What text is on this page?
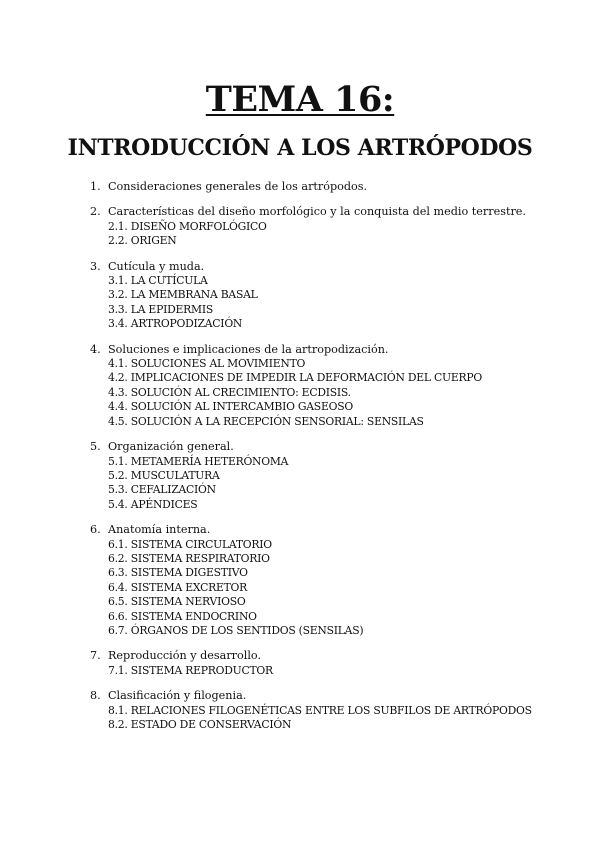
TEMA 16:
INTRODUCCIÓN A LOS ARTRÓPODOS
1. Consideraciones generales de los artrópodos.
2. Características del diseño morfológico y la conquista del medio terrestre.
2.1. DISEÑO MORFOLÓGICO
2.2. ORIGEN
3. Cutícula y muda.
3.1. LA CUTÍCULA
3.2. LA MEMBRANA BASAL
3.3. LA EPIDERMIS
3.4. ARTROPODIZACIÓN
4. Soluciones e implicaciones de la artropodización.
4.1. SOLUCIONES AL MOVIMIENTO
4.2. IMPLICACIONES DE IMPEDIR LA DEFORMACIÓN DEL CUERPO
4.3. SOLUCIÓN AL CRECIMIENTO: ECDISIS.
4.4. SOLUCIÓN AL INTERCAMBIO GASEOSO
4.5. SOLUCIÓN A LA RECEPCIÓN SENSORIAL: SENSILAS
5. Organización general.
5.1. METAMERÍA HETERÓNOMA
5.2. MUSCULATURA
5.3. CEFALIZACIÓN
5.4. APÉNDICES
6. Anatomía interna.
6.1. SISTEMA CIRCULATORIO
6.2. SISTEMA RESPIRATORIO
6.3. SISTEMA DIGESTIVO
6.4. SISTEMA EXCRETOR
6.5. SISTEMA NERVIOSO
6.6. SISTEMA ENDOCRINO
6.7. ÓRGANOS DE LOS SENTIDOS (SENSILAS)
7. Reproducción y desarrollo.
7.1. SISTEMA REPRODUCTOR
8. Clasificación y filogenia.
8.1. RELACIONES FILOGENÉTICAS ENTRE LOS SUBFILOS DE ARTRÓPODOS
8.2. ESTADO DE CONSERVACIÓN
